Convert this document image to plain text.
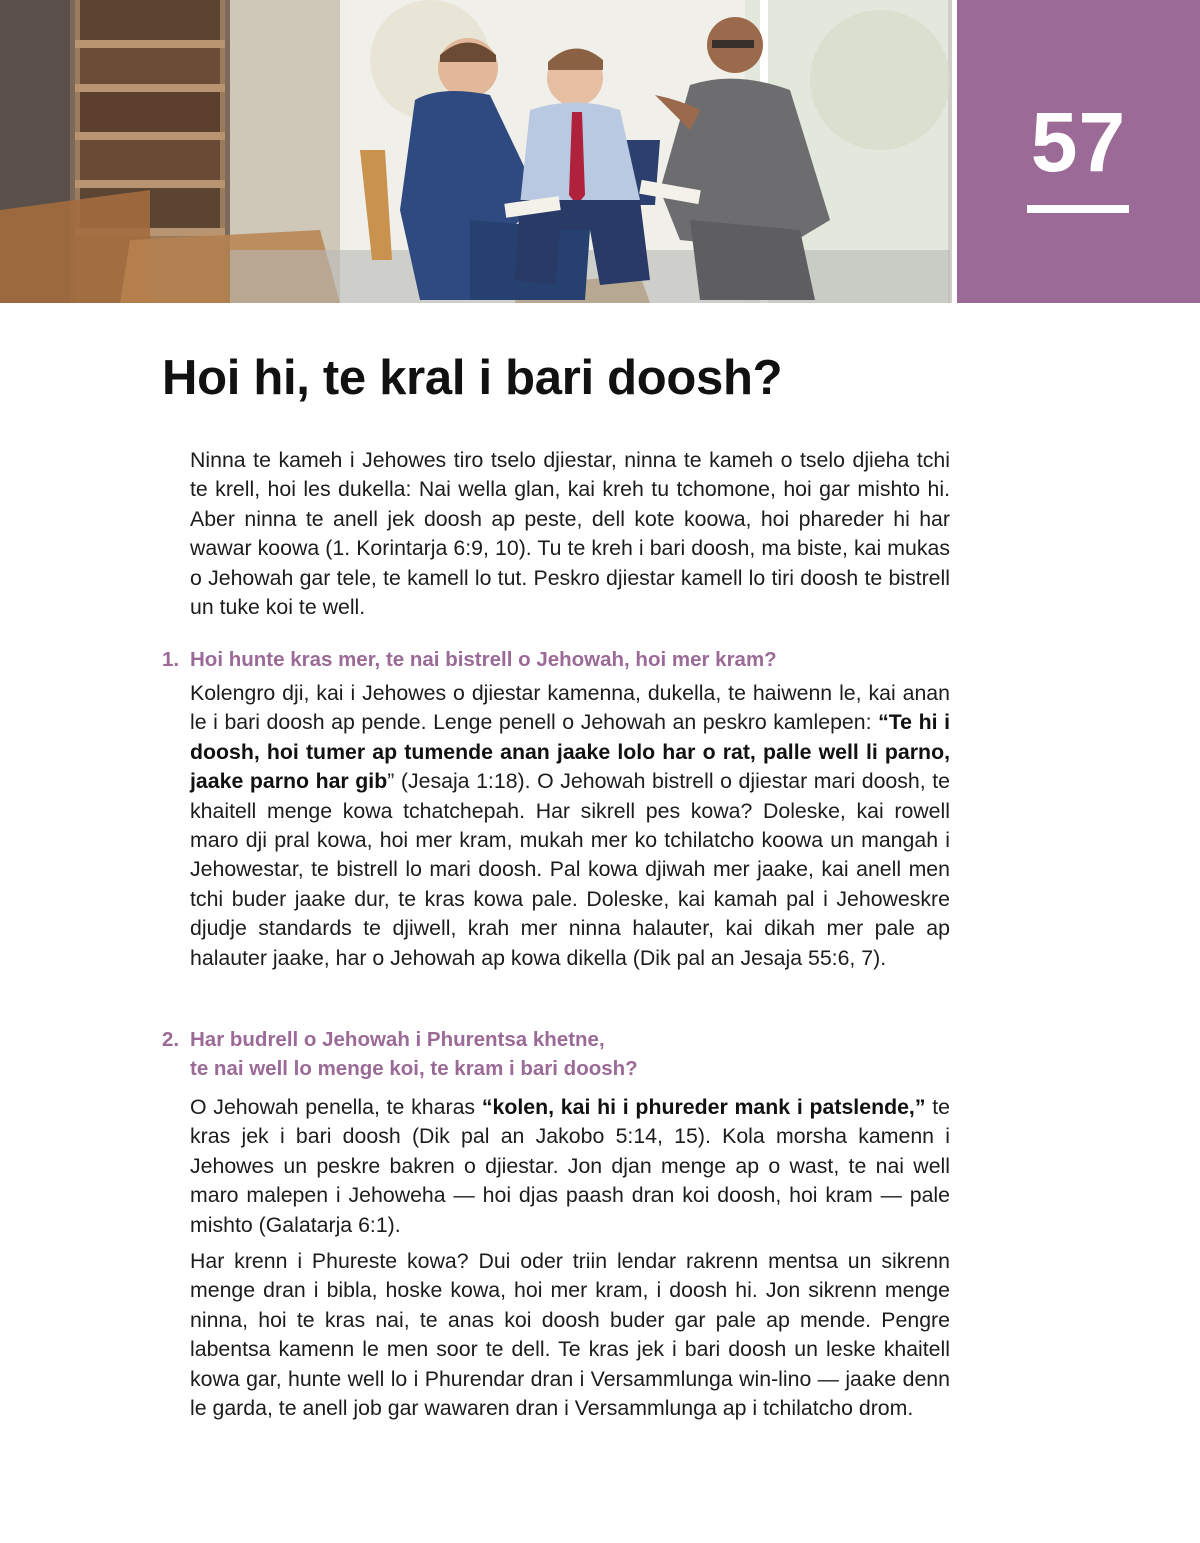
57
Hoi hi, te kral i bari doosh?

Ninna te kameh i Jehowes tiro tselo djiestar, ninna te kameh o tselo djieha tchi te krell, hoi les dukella: Nai wella glan, kai kreh tu tchomone, hoi gar mishto hi. Aber ninna te anell jek doosh ap peste, dell kote koowa, hoi phareder hi har wawar koowa (1. Korintarja 6:9, 10). Tu te kreh i bari doosh, ma biste, kai mukas o Jehowah gar tele, te kamell lo tut. Peskro djiestar kamell lo tiri doosh te bistrell un tuke koi te well.

1. Hoi hunte kras mer, te nai bistrell o Jehowah, hoi mer kram?

Kolengro dji, kai i Jehowes o djiestar kamenna, dukella, te haiwenn le, kai anan le i bari doosh ap pende. Lenge penell o Jehowah an peskro kamlepen: “Te hi i doosh, hoi tumer ap tumende anan jaake lolo har o rat, palle well li parno, jaake parno har gib” (Jesaja 1:18). O Jehowah bistrell o djiestar mari doosh, te khaitell menge kowa tchatchepah. Har sikrell pes kowa? Doleske, kai rowell maro dji pral kowa, hoi mer kram, mukah mer ko tchilatcho koowa un mangah i Jehowestar, te bistrell lo mari doosh. Pal kowa djiwah mer jaake, kai anell men tchi buder jaake dur, te kras kowa pale. Doleske, kai kamah pal i Jehoweskre djudje standards te djiwell, krah mer ninna halauter, kai dikah mer pale ap halauter jaake, har o Jehowah ap kowa dikella (Dik pal an Jesaja 55:6, 7).

2. Har budrell o Jehowah i Phurentsa khetne,
te nai well lo menge koi, te kram i bari doosh?

O Jehowah penella, te kharas “kolen, kai hi i phureder mank i patslende,” te kras jek i bari doosh (Dik pal an Jakobo 5:14, 15). Kola morsha kamenn i Jehowes un peskre bakren o djiestar. Jon djan menge ap o wast, te nai well maro malepen i Jehoweha — hoi djas paash dran koi doosh, hoi kram — pale mishto (Galatarja 6:1).

Har krenn i Phureste kowa? Dui oder triin lendar rakrenn mentsa un sikrenn menge dran i bibla, hoske kowa, hoi mer kram, i doosh hi. Jon sikrenn menge ninna, hoi te kras nai, te anas koi doosh buder gar pale ap mende. Pengre labentsa kamenn le men soor te dell. Te kras jek i bari doosh un leske khaitell kowa gar, hunte well lo i Phurendar dran i Versammlunga win-lino — jaake denn le garda, te anell job gar wawaren dran i Versammlunga ap i tchilatcho drom.
